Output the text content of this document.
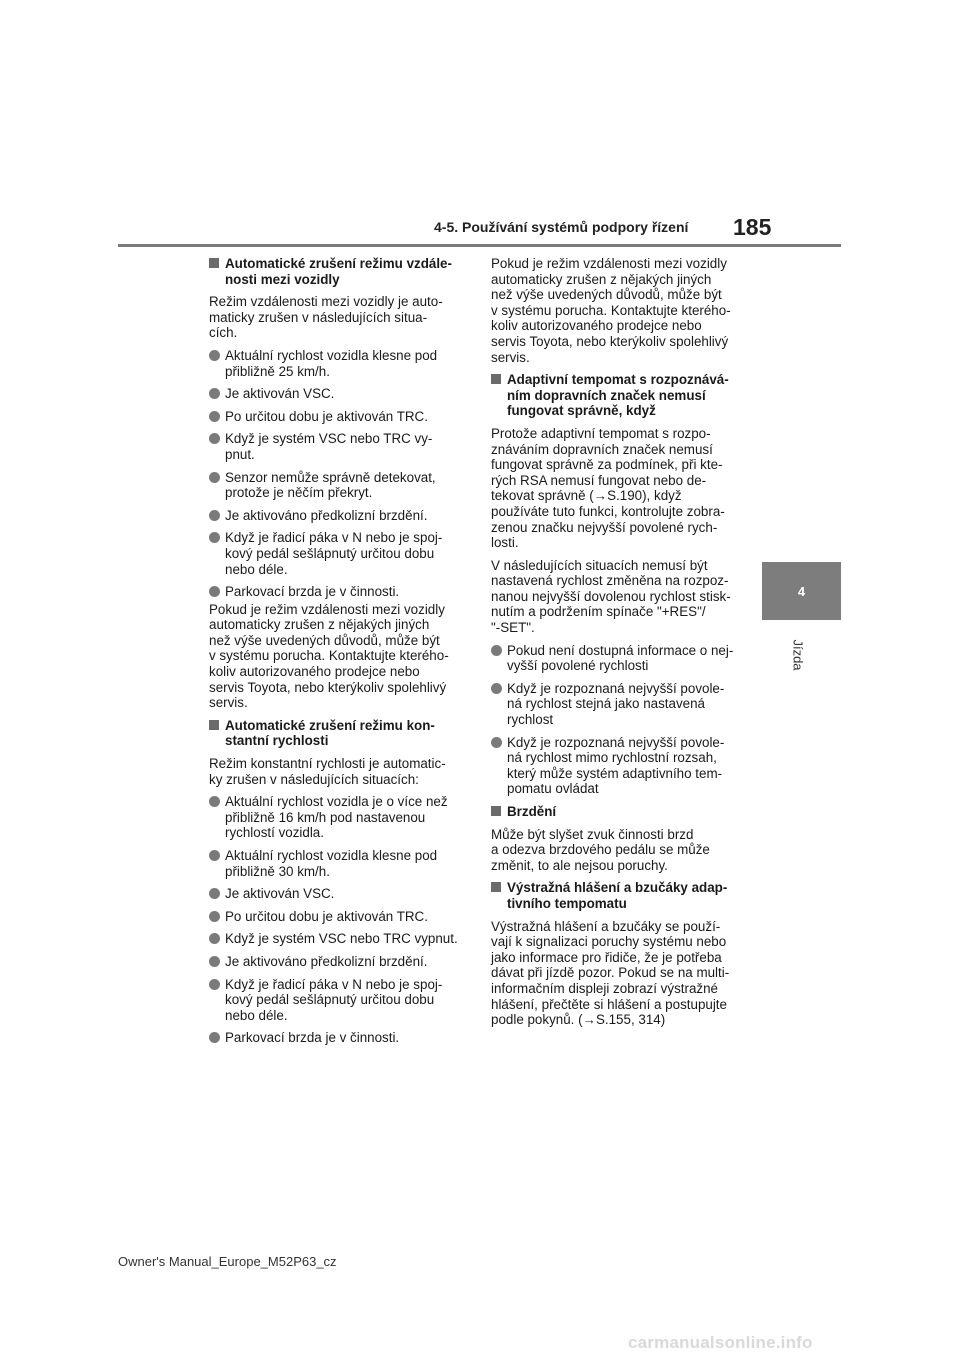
4-5. Používání systémů podpory řízení 185
4
Jízda
Automatické zrušení režimu vzdále-
nosti mezi vozidly
Režim vzdálenosti mezi vozidly je auto-
maticky zrušen v následujících situa-
cích.
Aktuální rychlost vozidla klesne pod
přibližně 25 km/h.
Je aktivován VSC.
Po určitou dobu je aktivován TRC.
Když je systém VSC nebo TRC vy-
pnut.
Senzor nemůže správně detekovat,
protože je něčím překryt.
Je aktivováno předkolizní brzdění.
Když je řadicí páka v N nebo je spoj-
kový pedál sešlápnutý určitou dobu
nebo déle.
Parkovací brzda je v činnosti.
Pokud je režim vzdálenosti mezi vozidly
automaticky zrušen z nějakých jiných
než výše uvedených důvodů, může být
v systému porucha. Kontaktujte kterého-
koliv autorizovaného prodejce nebo
servis Toyota, nebo kterýkoliv spolehlivý
servis.
Automatické zrušení režimu kon-
stantní rychlosti
Režim konstantní rychlosti je automatic-
ky zrušen v následujících situacích:
Aktuální rychlost vozidla je o více než
přibližně 16 km/h pod nastavenou
rychlostí vozidla.
Aktuální rychlost vozidla klesne pod
přibližně 30 km/h.
Je aktivován VSC.
Po určitou dobu je aktivován TRC.
Když je systém VSC nebo TRC vypnut.
Je aktivováno předkolizní brzdění.
Když je řadicí páka v N nebo je spoj-
kový pedál sešlápnutý určitou dobu
nebo déle.
Parkovací brzda je v činnosti.
Pokud je režim vzdálenosti mezi vozidly
automaticky zrušen z nějakých jiných
než výše uvedených důvodů, může být
v systému porucha. Kontaktujte kterého-
koliv autorizovaného prodejce nebo
servis Toyota, nebo kterýkoliv spolehlivý
servis.
Adaptivní tempomat s rozpoznává-
ním dopravních značek nemusí
fungovat správně, když
Protože adaptivní tempomat s rozpo-
znáváním dopravních značek nemusí
fungovat správně za podmínek, při kte-
rých RSA nemusí fungovat nebo de-
tekovat správně (→S.190), když
používáte tuto funkci, kontrolujte zobra-
zenou značku nejvyšší povolené rych-
losti.
V následujících situacích nemusí být
nastavená rychlost změněna na rozpoz-
nanou nejvyšší dovolenou rychlost stisk-
nutím a podržením spínače "+RES"/
"-SET".
Pokud není dostupná informace o nej-
vyšší povolené rychlosti
Když je rozpoznaná nejvyšší povole-
ná rychlost stejná jako nastavená
rychlost
Když je rozpoznaná nejvyšší povole-
ná rychlost mimo rychlostní rozsah,
který může systém adaptivního tem-
pomatu ovládat
Brzdění
Může být slyšet zvuk činnosti brzd
a odezva brzdového pedálu se může
změnit, to ale nejsou poruchy.
Výstražná hlášení a bzučáky adap-
tivního tempomatu
Výstražná hlášení a bzučáky se použí-
vají k signalizaci poruchy systému nebo
jako informace pro řidiče, že je potřeba
dávat při jízdě pozor. Pokud se na multi-
informačním displeji zobrazí výstražné
hlášení, přečtěte si hlášení a postupujte
podle pokynů. (→S.155, 314)
Owner's Manual_Europe_M52P63_cz
carmanualsonline.info
